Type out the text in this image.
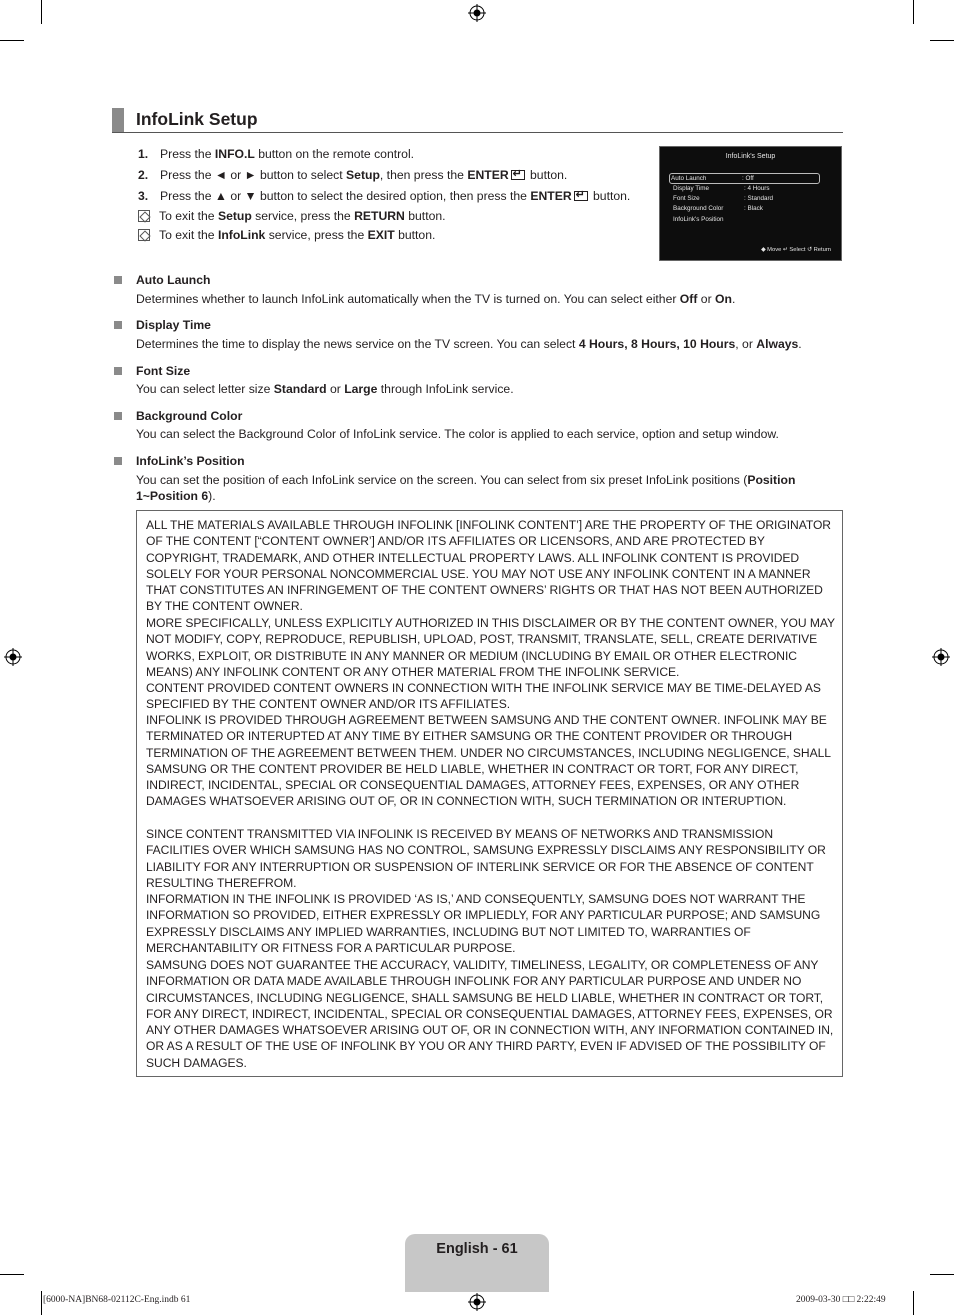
InfoLink Setup
1. Press the INFO.L button on the remote control.
2. Press the ◄ or ► button to select Setup, then press the ENTER↵ button.
3. Press the ▲ or ▼ button to select the desired option, then press the ENTER↵ button.
To exit the Setup service, press the RETURN button.
To exit the InfoLink service, press the EXIT button.
InfoLink's Setup
Auto Launch	: Off
Display Time	: 4 Hours
Font Size	: Standard
Background Color	: Black
InfoLink's Position
◆ Move ↵ Select ↺ Return
Auto Launch
Determines whether to launch InfoLink automatically when the TV is turned on. You can select either Off or On.
Display Time
Determines the time to display the news service on the TV screen. You can select 4 Hours, 8 Hours, 10 Hours, or Always.
Font Size
You can select letter size Standard or Large through InfoLink service.
Background Color
You can select the Background Color of InfoLink service. The color is applied to each service, option and setup window.
InfoLink’s Position
You can set the position of each InfoLink service on the screen. You can select from six preset InfoLink positions (Position 1~Position 6).

ALL THE MATERIALS AVAILABLE THROUGH INFOLINK [INFOLINK CONTENT’] ARE THE PROPERTY OF THE ORIGINATOR OF THE CONTENT [“CONTENT OWNER’] AND/OR ITS AFFILIATES OR LICENSORS, AND ARE PROTECTED BY COPYRIGHT, TRADEMARK, AND OTHER INTELLECTUAL PROPERTY LAWS. ALL INFOLINK CONTENT IS PROVIDED SOLELY FOR YOUR PERSONAL NONCOMMERCIAL USE. YOU MAY NOT USE ANY INFOLINK CONTENT IN A MANNER THAT CONSTITUTES AN INFRINGEMENT OF THE CONTENT OWNERS’ RIGHTS OR THAT HAS NOT BEEN AUTHORIZED BY THE CONTENT OWNER.

MORE SPECIFICALLY, UNLESS EXPLICITLY AUTHORIZED IN THIS DISCLAIMER OR BY THE CONTENT OWNER, YOU MAY NOT MODIFY, COPY, REPRODUCE, REPUBLISH, UPLOAD, POST, TRANSMIT, TRANSLATE, SELL, CREATE DERIVATIVE WORKS, EXPLOIT, OR DISTRIBUTE IN ANY MANNER OR MEDIUM (INCLUDING BY EMAIL OR OTHER ELECTRONIC MEANS) ANY INFOLINK CONTENT OR ANY OTHER MATERIAL FROM THE INFOLINK SERVICE.

CONTENT PROVIDED CONTENT OWNERS IN CONNECTION WITH THE INFOLINK SERVICE MAY BE TIME-DELAYED AS SPECIFIED BY THE CONTENT OWNER AND/OR ITS AFFILIATES.

INFOLINK IS PROVIDED THROUGH AGREEMENT BETWEEN SAMSUNG AND THE CONTENT OWNER. INFOLINK MAY BE TERMINATED OR INTERUPTED AT ANY TIME BY EITHER SAMSUNG OR THE CONTENT PROVIDER OR THROUGH TERMINATION OF THE AGREEMENT BETWEEN THEM. UNDER NO CIRCUMSTANCES, INCLUDING NEGLIGENCE, SHALL SAMSUNG OR THE CONTENT PROVIDER BE HELD LIABLE, WHETHER IN CONTRACT OR TORT, FOR ANY DIRECT, INDIRECT, INCIDENTAL, SPECIAL OR CONSEQUENTIAL DAMAGES, ATTORNEY FEES, EXPENSES, OR ANY OTHER DAMAGES WHATSOEVER ARISING OUT OF, OR IN CONNECTION WITH, SUCH TERMINATION OR INTERUPTION.

SINCE CONTENT TRANSMITTED VIA INFOLINK IS RECEIVED BY MEANS OF NETWORKS AND TRANSMISSION FACILITIES OVER WHICH SAMSUNG HAS NO CONTROL, SAMSUNG EXPRESSLY DISCLAIMS ANY RESPONSIBILITY OR LIABILITY FOR ANY INTERRUPTION OR SUSPENSION OF INTERLINK SERVICE OR FOR THE ABSENCE OF CONTENT RESULTING THEREFROM.

INFORMATION IN THE INFOLINK IS PROVIDED ‘AS IS,’ AND CONSEQUENTLY, SAMSUNG DOES NOT WARRANT THE INFORMATION SO PROVIDED, EITHER EXPRESSLY OR IMPLIEDLY, FOR ANY PARTICULAR PURPOSE; AND SAMSUNG EXPRESSLY DISCLAIMS ANY IMPLIED WARRANTIES, INCLUDING BUT NOT LIMITED TO, WARRANTIES OF MERCHANTABILITY OR FITNESS FOR A PARTICULAR PURPOSE.

SAMSUNG DOES NOT GUARANTEE THE ACCURACY, VALIDITY, TIMELINESS, LEGALITY, OR COMPLETENESS OF ANY INFORMATION OR DATA MADE AVAILABLE THROUGH INFOLINK FOR ANY PARTICULAR PURPOSE AND UNDER NO CIRCUMSTANCES, INCLUDING NEGLIGENCE, SHALL SAMSUNG BE HELD LIABLE, WHETHER IN CONTRACT OR TORT, FOR ANY DIRECT, INDIRECT, INCIDENTAL, SPECIAL OR CONSEQUENTIAL DAMAGES, ATTORNEY FEES, EXPENSES, OR ANY OTHER DAMAGES WHATSOEVER ARISING OUT OF, OR IN CONNECTION WITH, ANY INFORMATION CONTAINED IN, OR AS A RESULT OF THE USE OF INFOLINK BY YOU OR ANY THIRD PARTY, EVEN IF ADVISED OF THE POSSIBILITY OF SUCH DAMAGES.

English - 61
[6000-NA]BN68-02112C-Eng.indb 61	2009-03-30 □□ 2:22:49
